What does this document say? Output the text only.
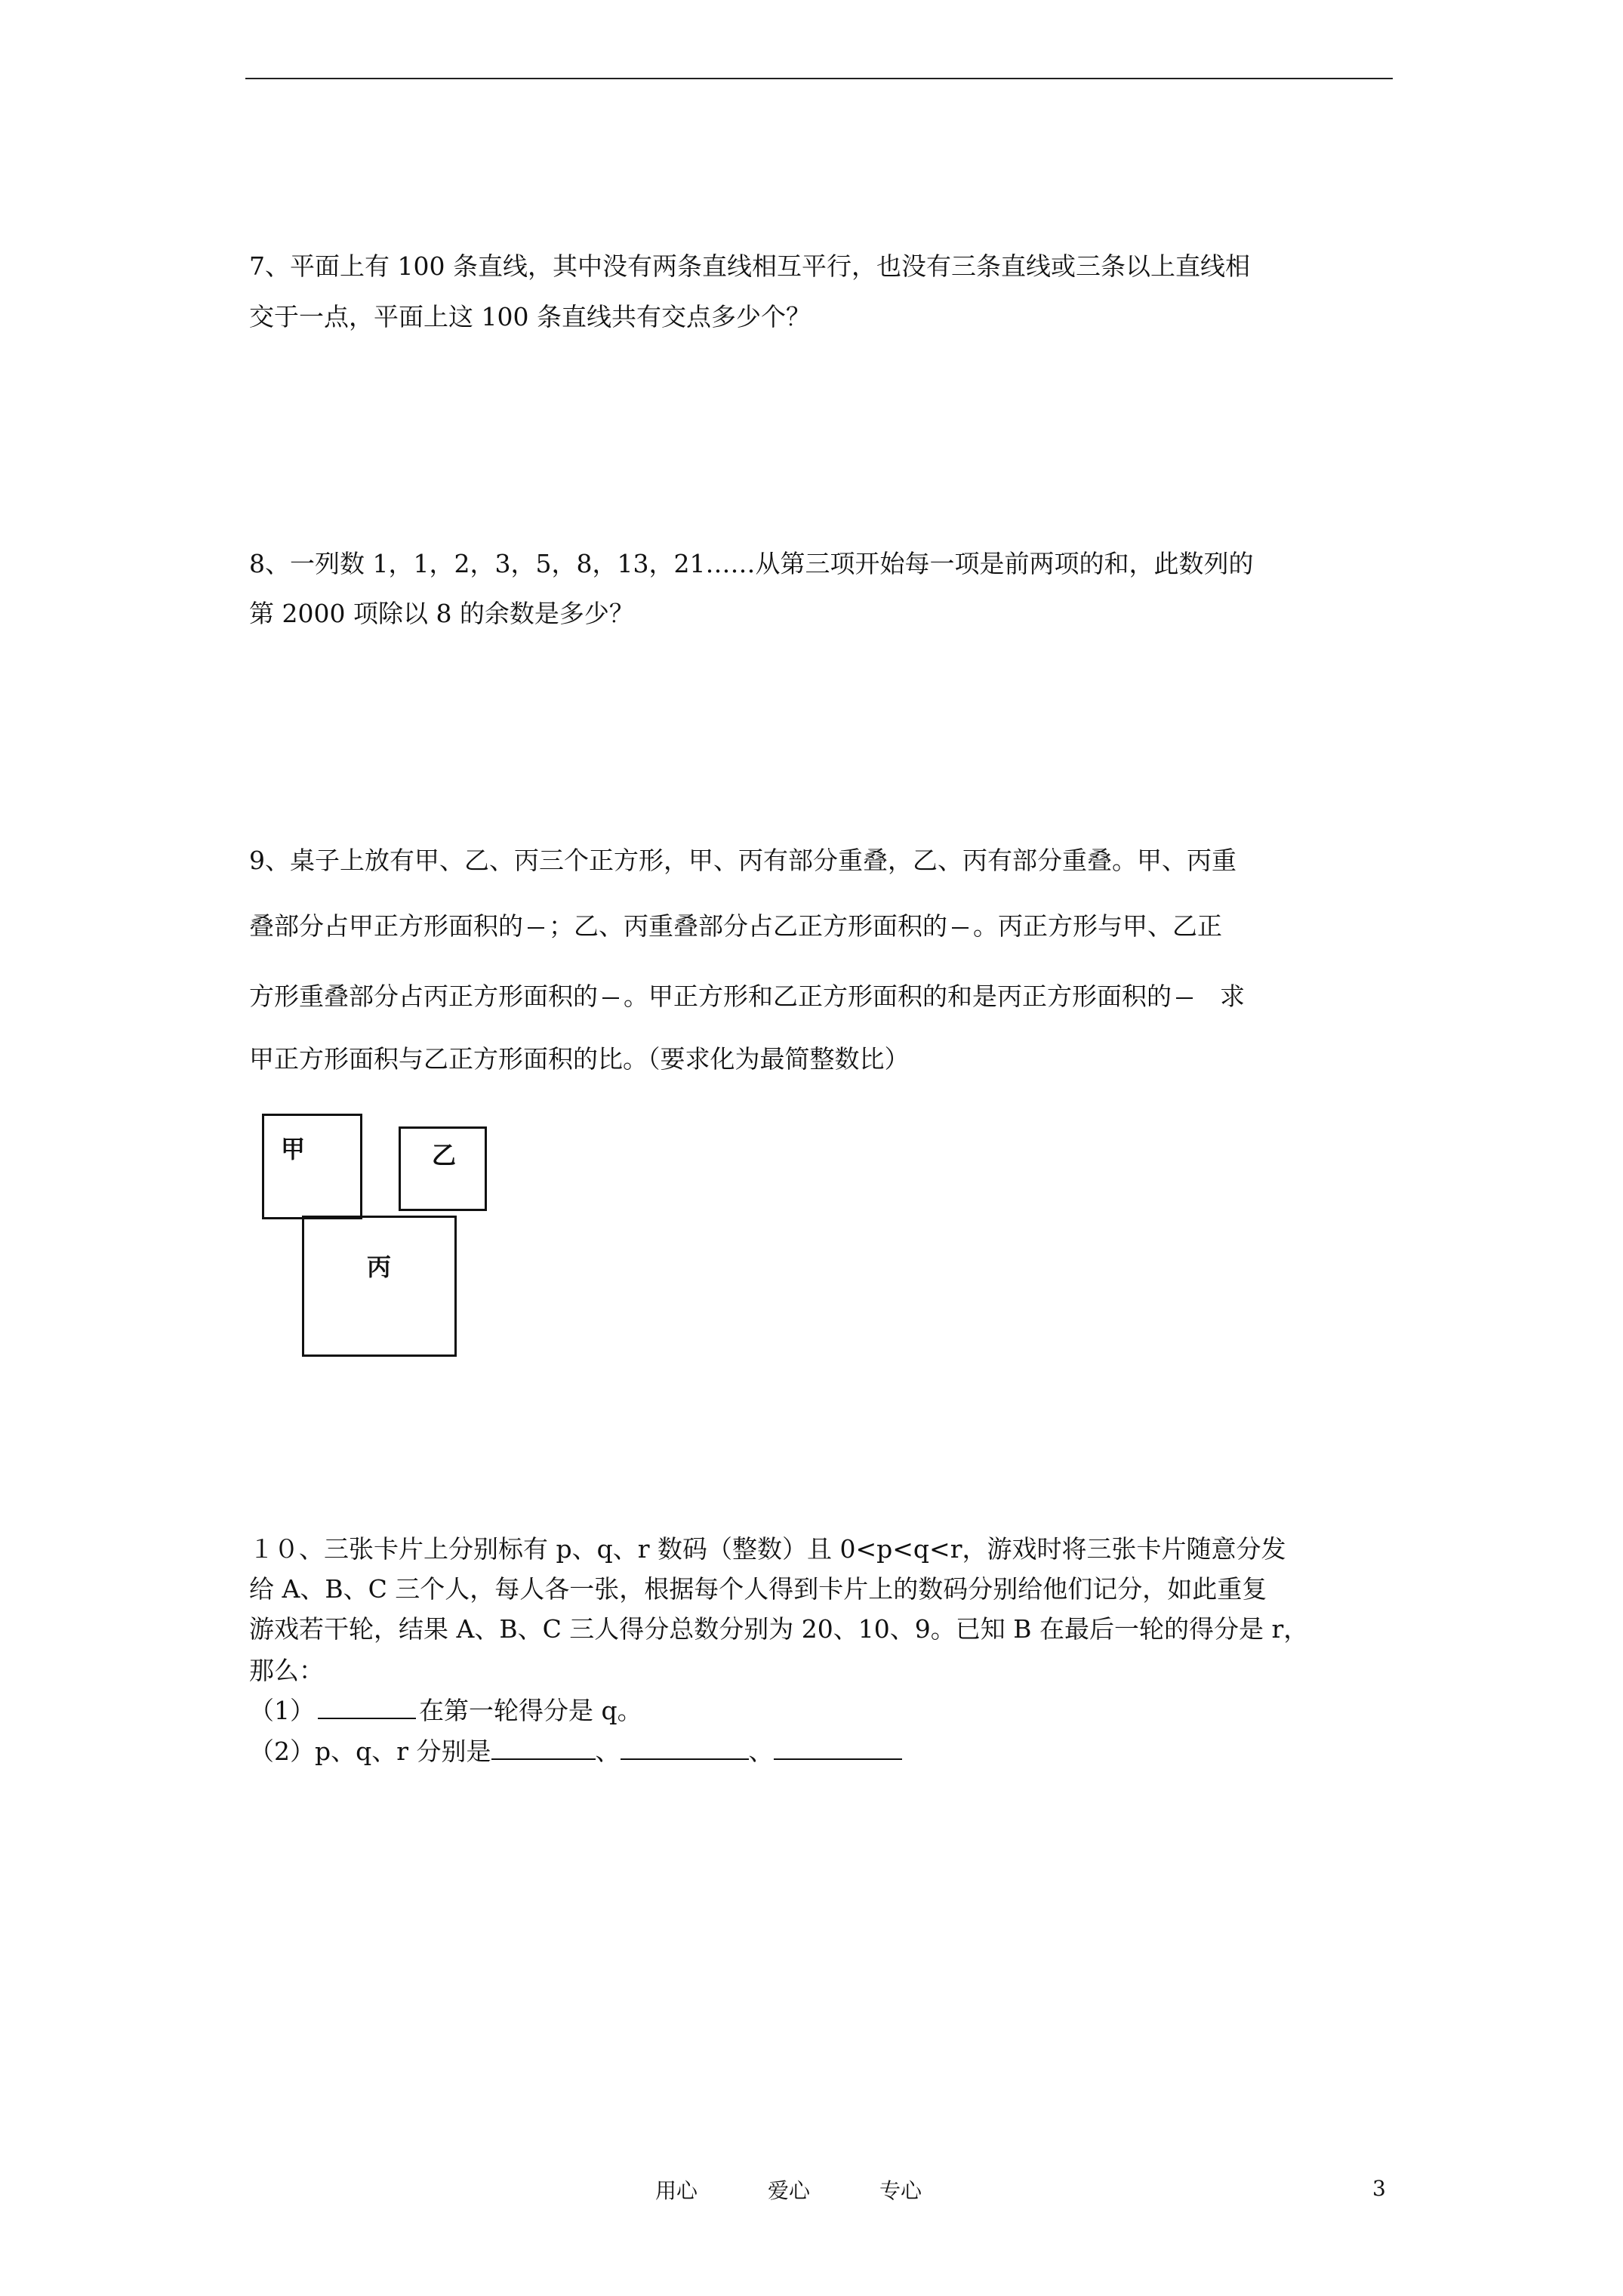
7、平面上有 100 条直线，其中没有两条直线相互平行，也没有三条直线或三条以上直线相
交于一点，平面上这 100 条直线共有交点多少个？
8、一列数 1，1，2，3，5，8，13，21……从第三项开始每一项是前两项的和，此数列的
第 2000 项除以 8 的余数是多少？
9、桌子上放有甲、乙、丙三个正方形，甲、丙有部分重叠，乙、丙有部分重叠。甲、丙重
叠部分占甲正方形面积的 ；乙、丙重叠部分占乙正方形面积的 。丙正方形与甲、乙正
方形重叠部分占丙正方形面积的 。甲正方形和乙正方形面积的和是丙正方形面积的 求
甲正方形面积与乙正方形面积的比。（要求化为最简整数比）
甲	乙
丙
１０、三张卡片上分别标有 p、q、r 数码（整数）且 0<p<q<r，游戏时将三张卡片随意分发
给 A、B、C 三个人，每人各一张，根据每个人得到卡片上的数码分别给他们记分，如此重复
游戏若干轮，结果 A、B、C 三人得分总数分别为 20、10、9。已知 B 在最后一轮的得分是 r，
那么：
（1）	在第一轮得分是 q。
（2）p、q、r 分别是	、	、
用心	爱心	专心	3
